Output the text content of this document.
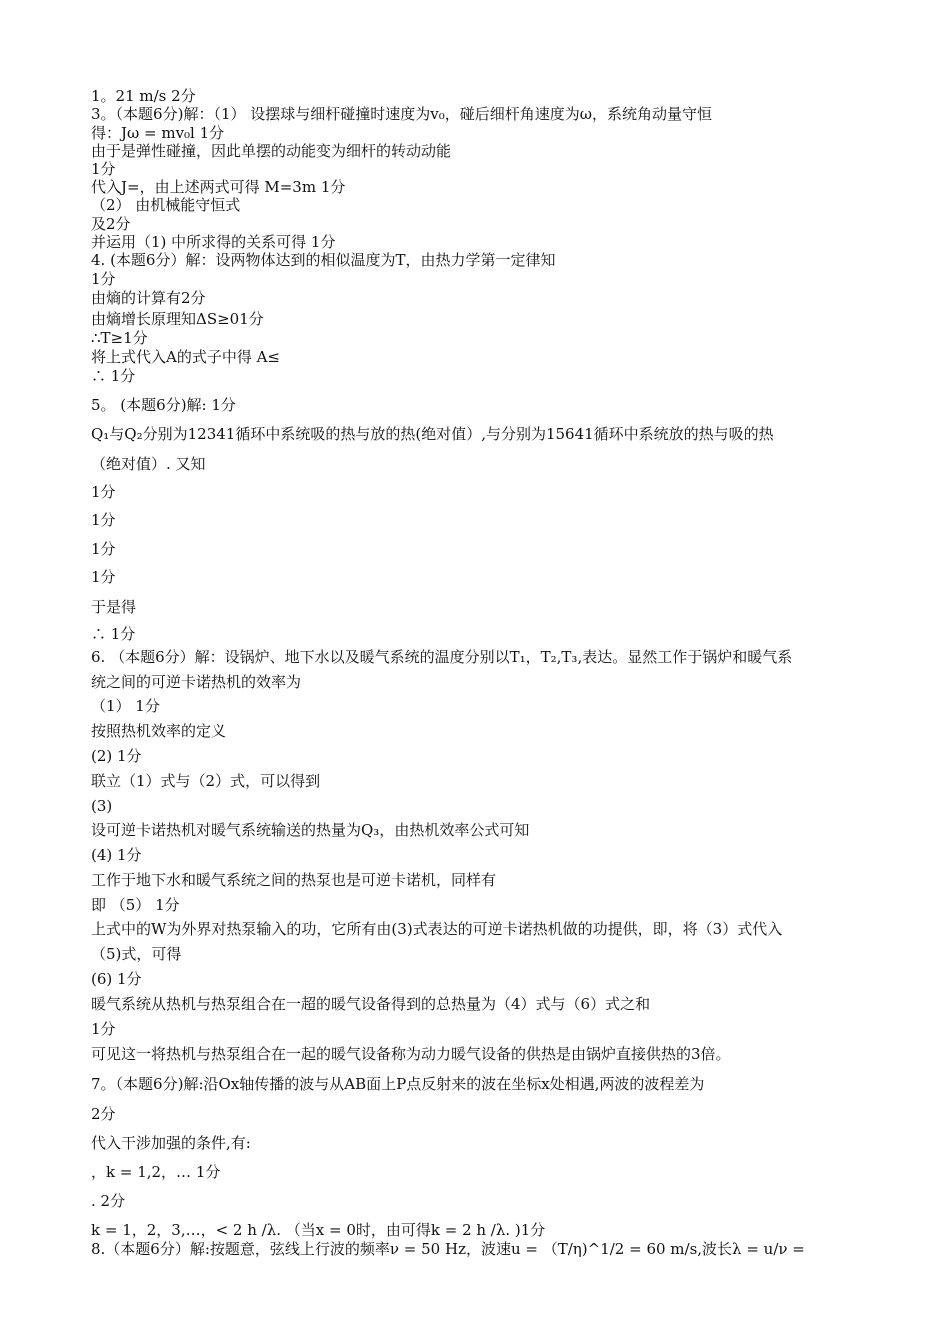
1。21 m/s 2分
3。（本题6分)解：（1） 设摆球与细杆碰撞时速度为v₀，碰后细杆角速度为ω，系统角动量守恒
得：Jω = mv₀l 1分
由于是弹性碰撞，因此单摆的动能变为细杆的转动动能
1分
代入J=，由上述两式可得 M=3m 1分
（2） 由机械能守恒式
及2分
并运用（1) 中所求得的关系可得 1分
4. (本题6分）解：设两物体达到的相似温度为T，由热力学第一定律知
1分
由熵的计算有2分
由熵增长原理知ΔS≥01分
∴T≥1分
将上式代入A的式子中得 A≤
∴ 1分
5。 (本题6分)解: 1分
Q₁与Q₂分别为12341循环中系统吸的热与放的热(绝对值）,与分别为15641循环中系统放的热与吸的热
（绝对值）. 又知
1分
1分
1分
1分
于是得
∴ 1分
6. （本题6分）解：设锅炉、地下水以及暖气系统的温度分别以T₁，T₂,T₃,表达。显然工作于锅炉和暖气系
统之间的可逆卡诺热机的效率为
（1） 1分
按照热机效率的定义
(2) 1分
联立（1）式与（2）式，可以得到
(3)
设可逆卡诺热机对暖气系统输送的热量为Q₃，由热机效率公式可知
(4) 1分
工作于地下水和暖气系统之间的热泵也是可逆卡诺机，同样有
即 （5） 1分
上式中的W为外界对热泵输入的功，它所有由(3)式表达的可逆卡诺热机做的功提供，即，将（3）式代入
（5)式，可得
(6) 1分
暖气系统从热机与热泵组合在一超的暖气设备得到的总热量为（4）式与（6）式之和
1分
可见这一将热机与热泵组合在一起的暖气设备称为动力暖气设备的供热是由锅炉直接供热的3倍。
7。（本题6分)解:沿Ox轴传播的波与从AB面上P点反射来的波在坐标x处相遇,两波的波程差为
2分
代入干涉加强的条件,有:
，k = 1,2，… 1分
. 2分
k = 1，2，3,…，< 2 h /λ. （当x = 0时，由可得k = 2 h /λ. )1分
8.（本题6分）解:按题意，弦线上行波的频率ν = 50 Hz，波速u = （T/η)^1/2 = 60 m/s,波长λ = u/ν =
